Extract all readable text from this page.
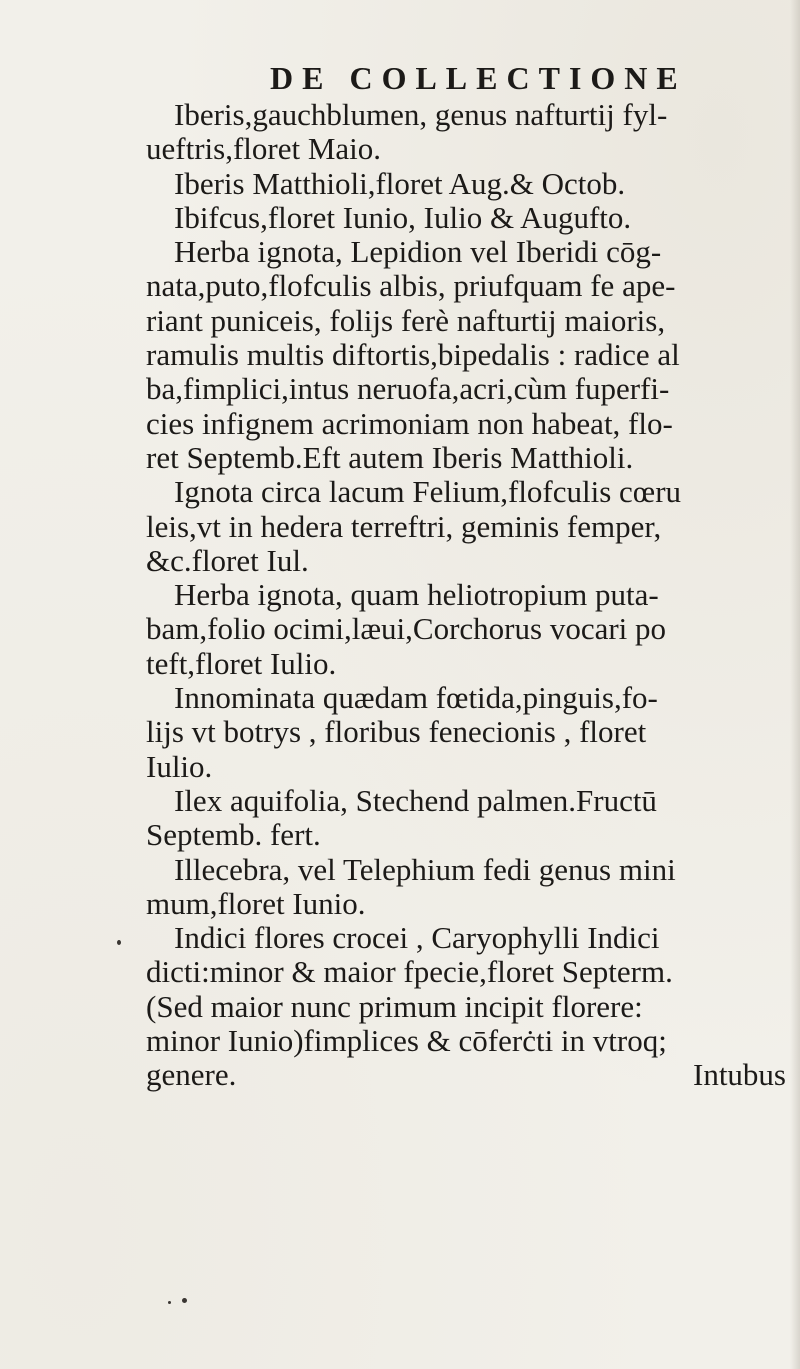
DE COLLECTIONE
Iberis,gauchblumen, genus nafturtij fyl-
ueftris,floret Maio.
Iberis Matthioli,floret Aug.& Octob.
Ibifcus,floret Iunio, Iulio & Augufto.
Herba ignota, Lepidion vel Iberidi cōg-
nata,puto,flofculis albis, priufquam fe ape-
riant puniceis, folijs ferè nafturtij maioris,
ramulis multis diftortis,bipedalis : radice al
ba,fimplici,intus neruofa,acri,cùm fuperfi-
cies infignem acrimoniam non habeat, flo-
ret Septemb.Eft autem Iberis Matthioli.
Ignota circa lacum Felium,flofculis cœru
leis,vt in hedera terreftri, geminis femper,
&c.floret Iul.
Herba ignota, quam heliotropium puta-
bam,folio ocimi,læui,Corchorus vocari po
teft,floret Iulio.
Innominata quædam fœtida,pinguis,fo-
lijs vt botrys , floribus fenecionis , floret
Iulio.
Ilex aquifolia, Stechend palmen.Fructū
Septemb. fert.
Illecebra, vel Telephium fedi genus mini
mum,floret Iunio.
Indici flores crocei , Caryophylli Indici
dicti:minor & maior fpecie,floret Septerm.
(Sed maior nunc primum incipit florere:
minor Iunio)fimplices & cōferċti in vtroq;
genere.	Intubus
